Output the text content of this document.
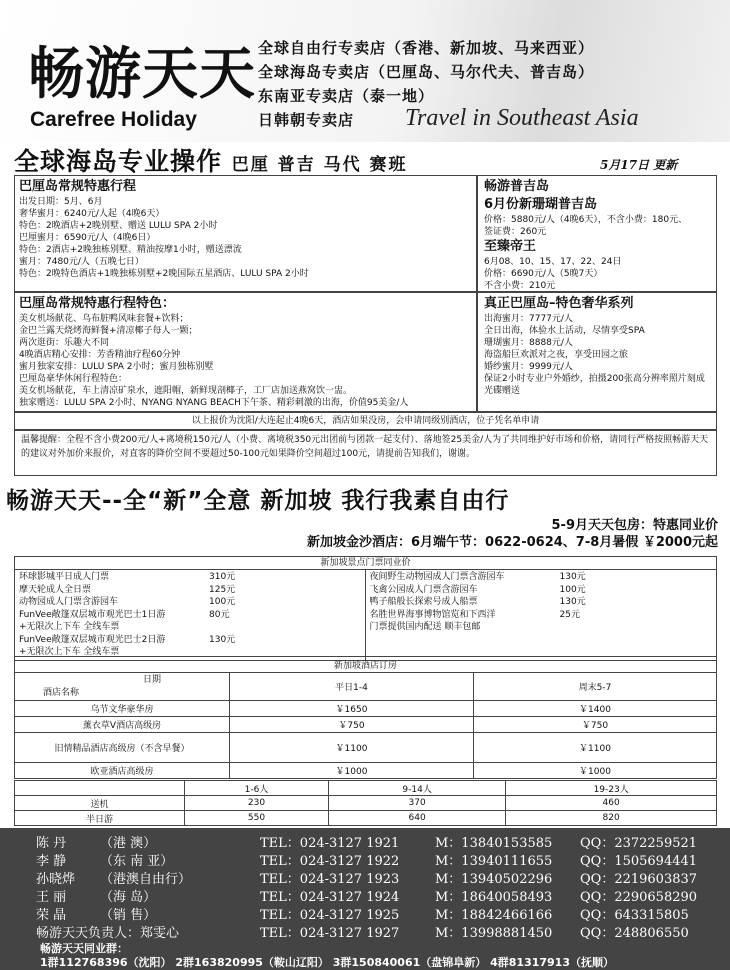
畅游天天
Carefree Holiday
全球自由行专卖店（香港、新加坡、马来西亚）
全球海岛专卖店（巴厘岛、马尔代夫、普吉岛）
东南亚专卖店（泰一地）
日韩朝专卖店	Travel in Southeast Asia
全球海岛专业操作 巴厘 普吉 马代 赛班	5月17日 更新
巴厘岛常规特惠行程
出发日期：5月、6月
奢华蜜月：6240元/人起（4晚6天）
特色：2晚酒店+2晚别墅、赠送 LULU SPA 2小时
巴厘蜜月：6590元/人（4晚6日）
特色：2酒店+2晚独栋别墅、精油按摩1小时，赠送漂流
蜜月：7480元/人（五晚七日）
特色：2晚特色酒店+1晚独栋别墅+2晚国际五星酒店、LULU SPA 2小时
畅游普吉岛
6月份新珊瑚普吉岛
价格：5880元/人（4晚6天），不含小费：180元、
签证费：260元
至臻帝王
6月08、10、15、17、22、24日
价格：6690元/人（5晚7天）
不含小费：210元
巴厘岛常规特惠行程特色：
美女机场献花、乌布脏鸭风味套餐+饮料；
金巴兰露天烧烤海鲜餐+清凉椰子每人一颗；
两次逛街：乐趣大不同
4晚酒店精心安排：芳香精油疗程60分钟
蜜月独家安排：LULU SPA 2小时；蜜月独栋别墅
巴厘岛豪华休闲行程特色：
美女机场献花，车上清凉矿泉水，遮阳帽，新鲜现剖椰子，工厂店加送燕窝饮一盅。
独家赠送：LULU SPA 2小时、NYANG NYANG BEACH下午茶、精彩刺激的出海，价值95美金/人
真正巴厘岛–特色奢华系列
出海蜜月：7777元/人
全日出海，体验水上活动，尽情享受SPA
珊瑚蜜月：8888元/人
海盗船巨欢派对之夜，享受田园之旅
婚纱蜜月：9999元/人
保证2小时专业户外婚纱，拍摄200张高分辨率照片刻成光碟赠送
以上报价为沈阳/大连起止4晚6天，酒店如果没房，会申请同级别酒店，位子凭名单申请
温馨提醒：全程不含小费200元/人+离境税150元/人（小费、离境税350元出团前与团款一起支付）、落地签25美金/人为了共同维护好市场和价格，请同行严格按照畅游天天的建议对外加价来报价，对直客的降价空间不要超过50-100元如果降价空间超过100元，请提前告知我们，谢谢。
畅游天天--全“新”全意 新加坡 我行我素自由行
5-9月天天包房：特惠同业价
新加坡金沙酒店：6月端午节：0622-0624、7-8月暑假 ￥2000元起
新加坡景点门票同业价
环球影城平日成人门票	310元
摩天轮成人全日票	125元
动物园成人门票含游园车	100元
FunVee敞篷双层城市观光巴士1日游	80元
+无限次上下车 全线车票
FunVee敞篷双层城市观光巴士2日游	130元
+无限次上下车 全线车票
夜间野生动物园成人门票含游园车	130元
飞禽公园成人门票含游园车	100元
鸭子船般长探索号成人船票	130元
名胜世界海事博物馆览和下西洋	25元
门票提供国内配送 顺丰包邮
新加坡酒店订房		

日期
酒店名称	平日1-4	周末5-7
乌节文华豪华房	￥1650	￥1400
薰衣草V酒店高级房	￥750	￥750
旧情精品酒店高级房（不含早餐）	￥1100	￥1100
欧亚酒店高级房	￥1000	￥1000
	1-6人	9-14人	19-23人
送机	230	370	460
半日游	550	640	820
陈 丹	（港 澳）	TEL：024-3127 1921	M：13840153585 QQ：2372259521
李 静	（东 南 亚）	TEL：024-3127 1922	M：13940111655 QQ：1505694441
孙晓烨 （港澳自由行）	TEL：024-3127 1923	M：13940502296 QQ：2219603837
王 丽	（海 岛）	TEL：024-3127 1924	M：18640058493 QQ：2290658290
荣 晶	（销 售）	TEL：024-3127 1925	M：18842466166 QQ：643315805
畅游天天负责人：郑雯心	TEL：024-3127 1927	M：13998881450 QQ：248806550
畅游天天同业群：
1群112768396（沈阳） 2群163820995（鞍山辽阳） 3群150840061（盘锦阜新） 4群81317913（抚顺）
